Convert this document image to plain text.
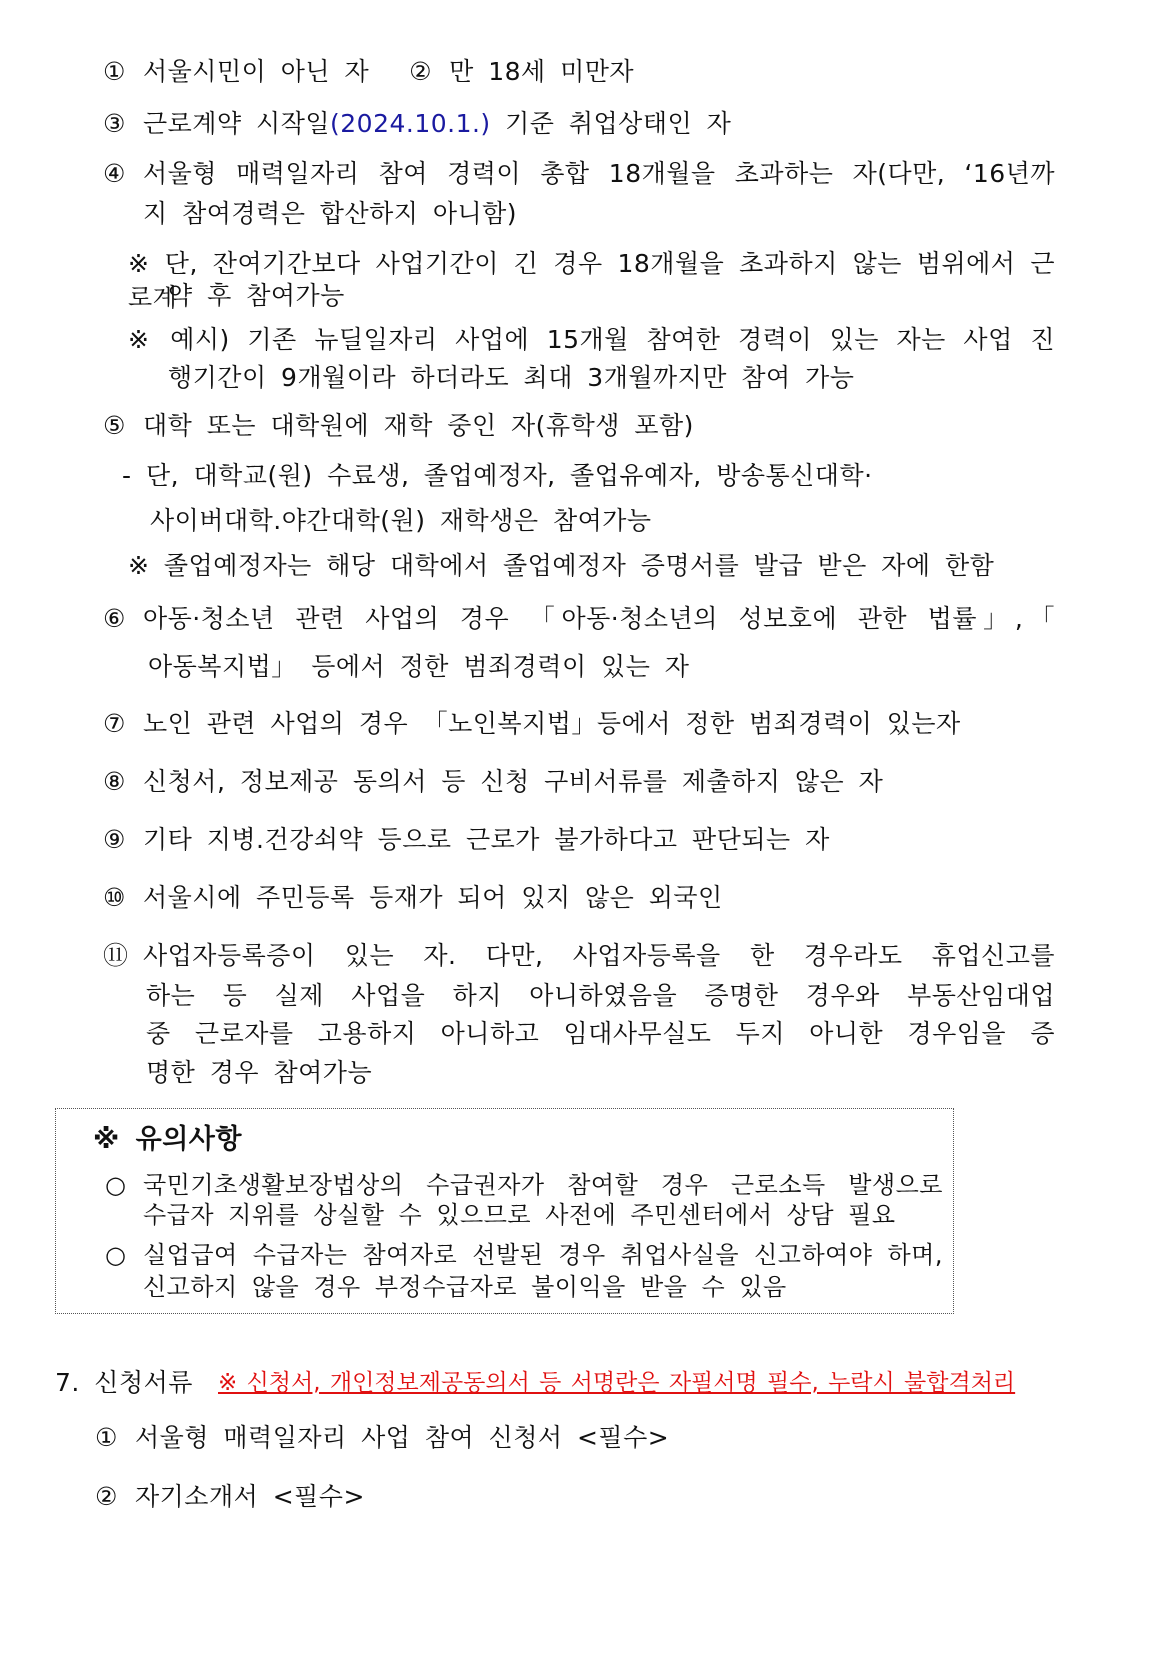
① 서울시민이 아닌 자 ② 만 18세 미만자
③ 근로계약 시작일(2024.10.1.) 기준 취업상태인 자
④ 서울형 매력일자리 참여 경력이 총합 18개월을 초과하는 자(다만, ‘16년까
지 참여경력은 합산하지 아니함)
※ 단, 잔여기간보다 사업기간이 긴 경우 18개월을 초과하지 않는 범위에서 근로계
약 후 참여가능
※ 예시) 기존 뉴딜일자리 사업에 15개월 참여한 경력이 있는 자는 사업 진
행기간이 9개월이라 하더라도 최대 3개월까지만 참여 가능
⑤ 대학 또는 대학원에 재학 중인 자(휴학생 포함)
- 단, 대학교(원) 수료생, 졸업예정자, 졸업유예자, 방송통신대학·
사이버대학.야간대학(원) 재학생은 참여가능
※ 졸업예정자는 해당 대학에서 졸업예정자 증명서를 발급 받은 자에 한함
⑥ 아동·청소년 관련 사업의 경우 「아동·청소년의 성보호에 관한 법률」,「
아동복지법」 등에서 정한 범죄경력이 있는 자
⑦ 노인 관련 사업의 경우 「노인복지법」등에서 정한 범죄경력이 있는자
⑧ 신청서, 정보제공 동의서 등 신청 구비서류를 제출하지 않은 자
⑨ 기타 지병.건강쇠약 등으로 근로가 불가하다고 판단되는 자
⑩ 서울시에 주민등록 등재가 되어 있지 않은 외국인
⑪ 사업자등록증이 있는 자. 다만, 사업자등록을 한 경우라도 휴업신고를
하는 등 실제 사업을 하지 아니하였음을 증명한 경우와 부동산임대업
중 근로자를 고용하지 아니하고 임대사무실도 두지 아니한 경우임을 증
명한 경우 참여가능
※ 유의사항
○ 국민기초생활보장법상의 수급권자가 참여할 경우 근로소득 발생으로
수급자 지위를 상실할 수 있으므로 사전에 주민센터에서 상담 필요
○ 실업급여 수급자는 참여자로 선발된 경우 취업사실을 신고하여야 하며,
신고하지 않을 경우 부정수급자로 불이익을 받을 수 있음
7. 신청서류 ※ 신청서, 개인정보제공동의서 등 서명란은 자필서명 필수, 누락시 불합격처리
① 서울형 매력일자리 사업 참여 신청서 <필수>
② 자기소개서 <필수>
